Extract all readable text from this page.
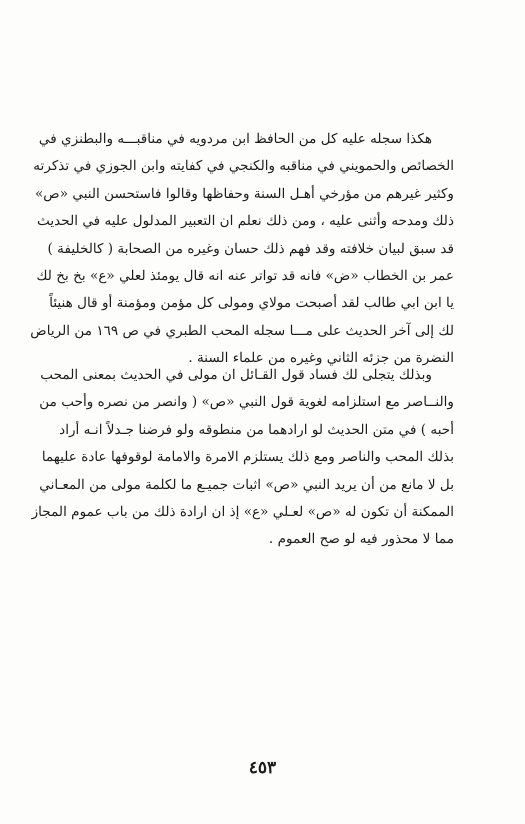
هكذا سجله عليه كل من الحافظ ابن مردويه في مناقبـــه والبطنزي في
الخصائص والحمويني في مناقبه والكنجي في كفايته وابن الجوزي في تذكرته
وكثير غيرهم من مؤرخي أهـل السنة وحفاظها وقالوا فاستحسن النبي «ص»
ذلك ومدحه وأثنى عليه ، ومن ذلك نعلم ان التعبير المدلول عليه في الحديث
قد سبق لبيان خلافته وقد فهم ذلك حسان وغيره من الصحابة ( كالخليفة )
عمر بن الخطاب «ض» فانه قد تواتر عنه انه قال يومئذ لعلي «ع» بخ بخ لك
يا ابن ابي طالب لقد أصبحت مولاي ومولى كل مؤمن ومؤمنة أو قال هنيئاً
لك إلى آخر الحديث على مـــا سجله المحب الطبري في ص ١٦٩ من الرياض
النضرة من جزئه الثاني وغيره من علماء السنة .
وبذلك يتجلى لك فساد قول القـائل ان مولى في الحديث بمعنى المحب
والنــاصر مع استلزامه لغوية قول النبي «ص» ( وانصر من نصره وأحب من
أحبه ) في متن الحديث لو ارادهما من منطوقه ولو فرضنا جـدلاً انـه أراد
بذلك المحب والناصر ومع ذلك يستلزم الامرة والامامة لوقوفها عادة عليهما
بل لا مانع من أن يريد النبي «ص» اثبات جميـع ما لكلمة مولى من المعـاني
الممكنة أن تكون له «ص» لعـلي «ع» إذ ان ارادة ذلك من باب عموم المجاز
مما لا محذور فيه لو صح العموم .
٤٥٣
